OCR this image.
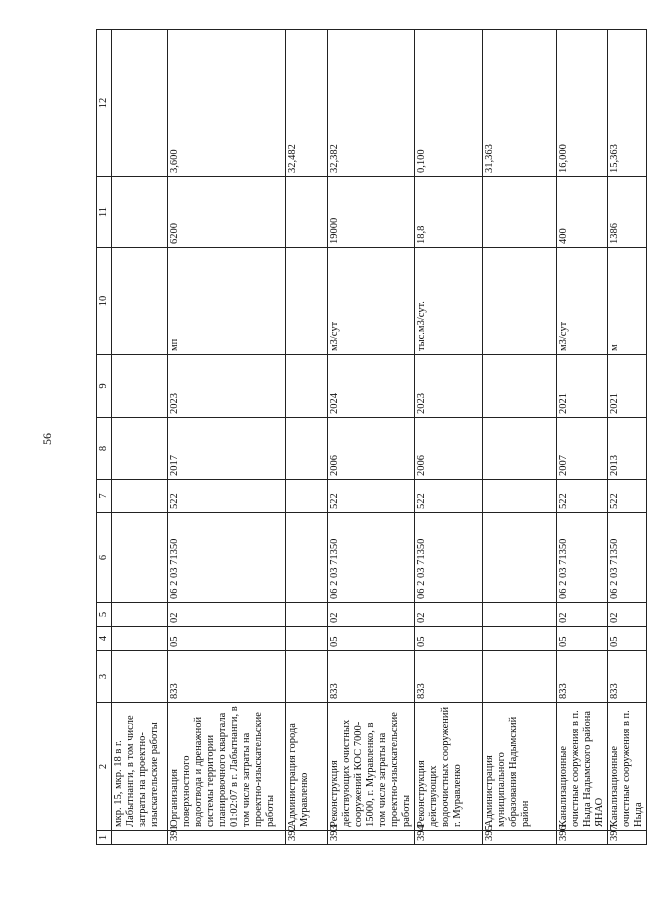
56
1	2	3	4	5	6	7	8	9	10	11	12
	мкр. 15, мкр. 18 в г. Лабытнанги, в том числе затраты на проектно-изыскательские работы										
391	Организация поверхностного водоотвода и дренажной системы территории планировочного квартала 01:02:07 в г. Лабытнанги, в том числе затраты на проектно-изыскательские работы	833	05	02	06 2 03 71350	522	2017	2023	мп	6200	3,600
392	Администрация города Муравленко										32,482
393	Реконструкция действующих очистных сооружений КОС 7000-15000, г. Муравленко, в том числе затраты на проектно-изыскательские работы	833	05	02	06 2 03 71350	522	2006	2024	м3/сут	19000	32,382
394	Реконструкция действующих водоочистных сооружений г. Муравленко	833	05	02	06 2 03 71350	522	2006	2023	тыс.м3/сут.	18,8	0,100
395	Администрация муниципального образования Надымский район										31,363
396	Канализационные очистные сооружения в п. Ныда Надымского района ЯНАО	833	05	02	06 2 03 71350	522	2007	2021	м3/сут	400	16,000
397	Канализационные очистные сооружения в п. Ныда	833	05	02	06 2 03 71350	522	2013	2021	м	1386	15,363
